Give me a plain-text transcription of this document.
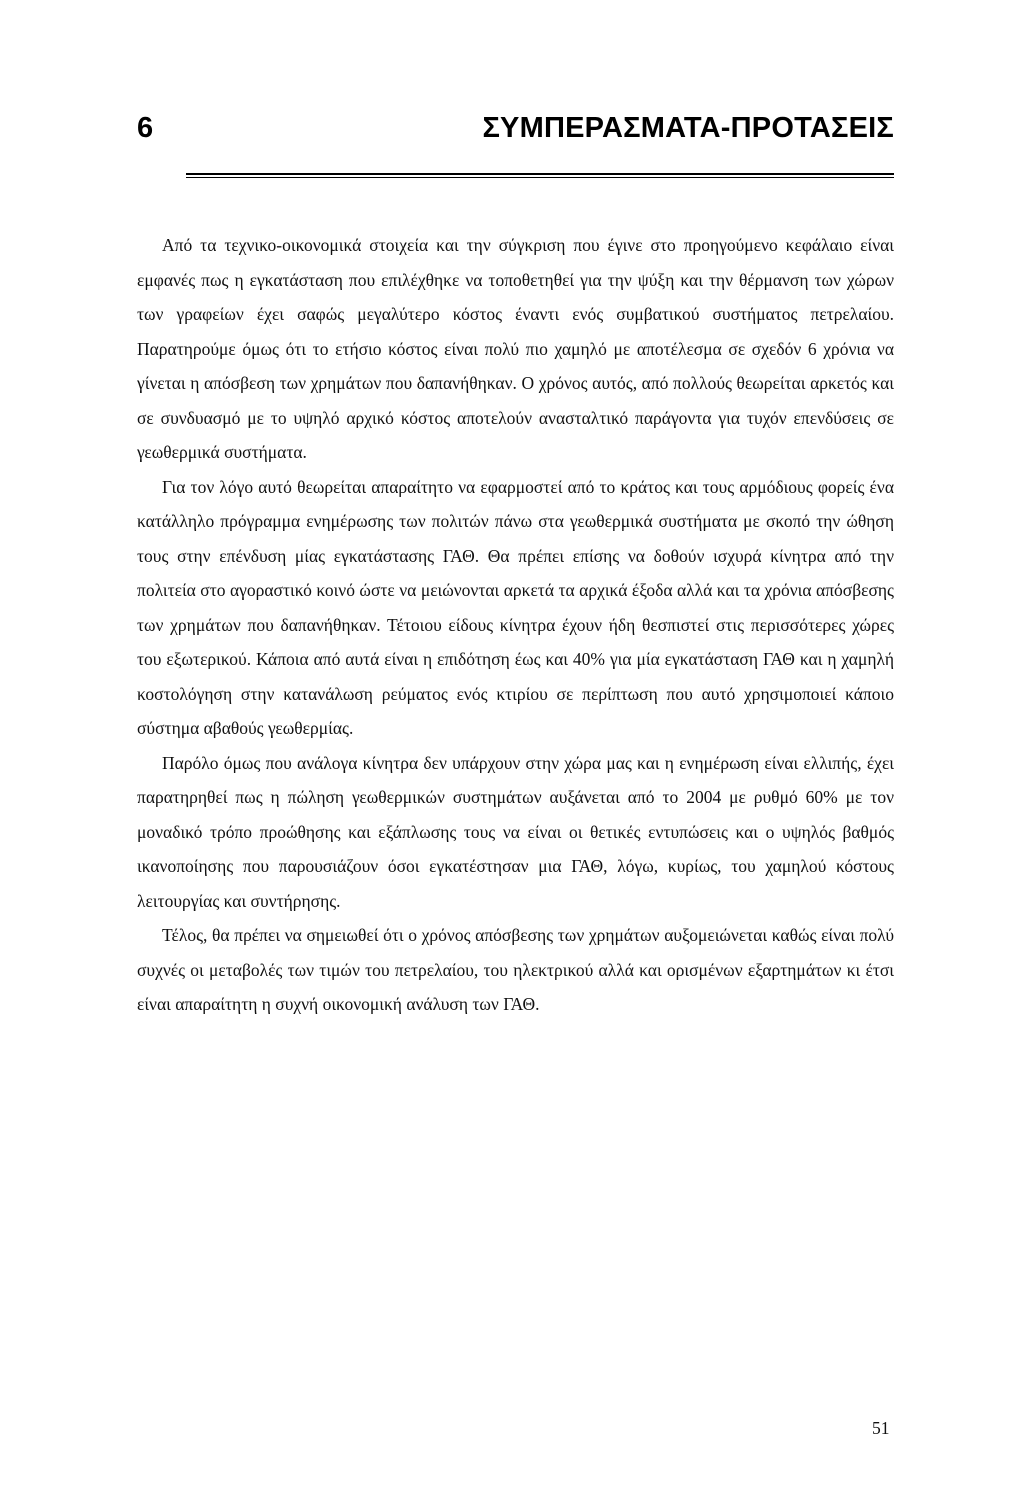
6	ΣΥΜΠΕΡΑΣΜΑΤΑ-ΠΡΟΤΑΣΕΙΣ

Από τα τεχνικο-οικονομικά στοιχεία και την σύγκριση που έγινε στο προηγούμενο κεφάλαιο είναι εμφανές πως η εγκατάσταση που επιλέχθηκε να τοποθετηθεί για την ψύξη και την θέρμανση των χώρων των γραφείων έχει σαφώς μεγαλύτερο κόστος έναντι ενός συμβατικού συστήματος πετρελαίου. Παρατηρούμε όμως ότι το ετήσιο κόστος είναι πολύ πιο χαμηλό με αποτέλεσμα σε σχεδόν 6 χρόνια να γίνεται η απόσβεση των χρημάτων που δαπανήθηκαν. Ο χρόνος αυτός, από πολλούς θεωρείται αρκετός και σε συνδυασμό με το υψηλό αρχικό κόστος αποτελούν ανασταλτικό παράγοντα για τυχόν επενδύσεις σε γεωθερμικά συστήματα.

Για τον λόγο αυτό θεωρείται απαραίτητο να εφαρμοστεί από το κράτος και τους αρμόδιους φορείς ένα κατάλληλο πρόγραμμα ενημέρωσης των πολιτών πάνω στα γεωθερμικά συστήματα με σκοπό την ώθηση τους στην επένδυση μίας εγκατάστασης ΓΑΘ. Θα πρέπει επίσης να δοθούν ισχυρά κίνητρα από την πολιτεία στο αγοραστικό κοινό ώστε να μειώνονται αρκετά τα αρχικά έξοδα αλλά και τα χρόνια απόσβεσης των χρημάτων που δαπανήθηκαν. Τέτοιου είδους κίνητρα έχουν ήδη θεσπιστεί στις περισσότερες χώρες του εξωτερικού. Κάποια από αυτά είναι η επιδότηση έως και 40% για μία εγκατάσταση ΓΑΘ και η χαμηλή κοστολόγηση στην κατανάλωση ρεύματος ενός κτιρίου σε περίπτωση που αυτό χρησιμοποιεί κάποιο σύστημα αβαθούς γεωθερμίας.

Παρόλο όμως που ανάλογα κίνητρα δεν υπάρχουν στην χώρα μας και η ενημέρωση είναι ελλιπής, έχει παρατηρηθεί πως η πώληση γεωθερμικών συστημάτων αυξάνεται από το 2004 με ρυθμό 60% με τον μοναδικό τρόπο προώθησης και εξάπλωσης τους να είναι οι θετικές εντυπώσεις και ο υψηλός βαθμός ικανοποίησης που παρουσιάζουν όσοι εγκατέστησαν μια ΓΑΘ, λόγω, κυρίως, του χαμηλού κόστους λειτουργίας και συντήρησης.

Τέλος, θα πρέπει να σημειωθεί ότι ο χρόνος απόσβεσης των χρημάτων αυξομειώνεται καθώς είναι πολύ συχνές οι μεταβολές των τιμών του πετρελαίου, του ηλεκτρικού αλλά και ορισμένων εξαρτημάτων κι έτσι είναι απαραίτητη η συχνή οικονομική ανάλυση των ΓΑΘ.

51
